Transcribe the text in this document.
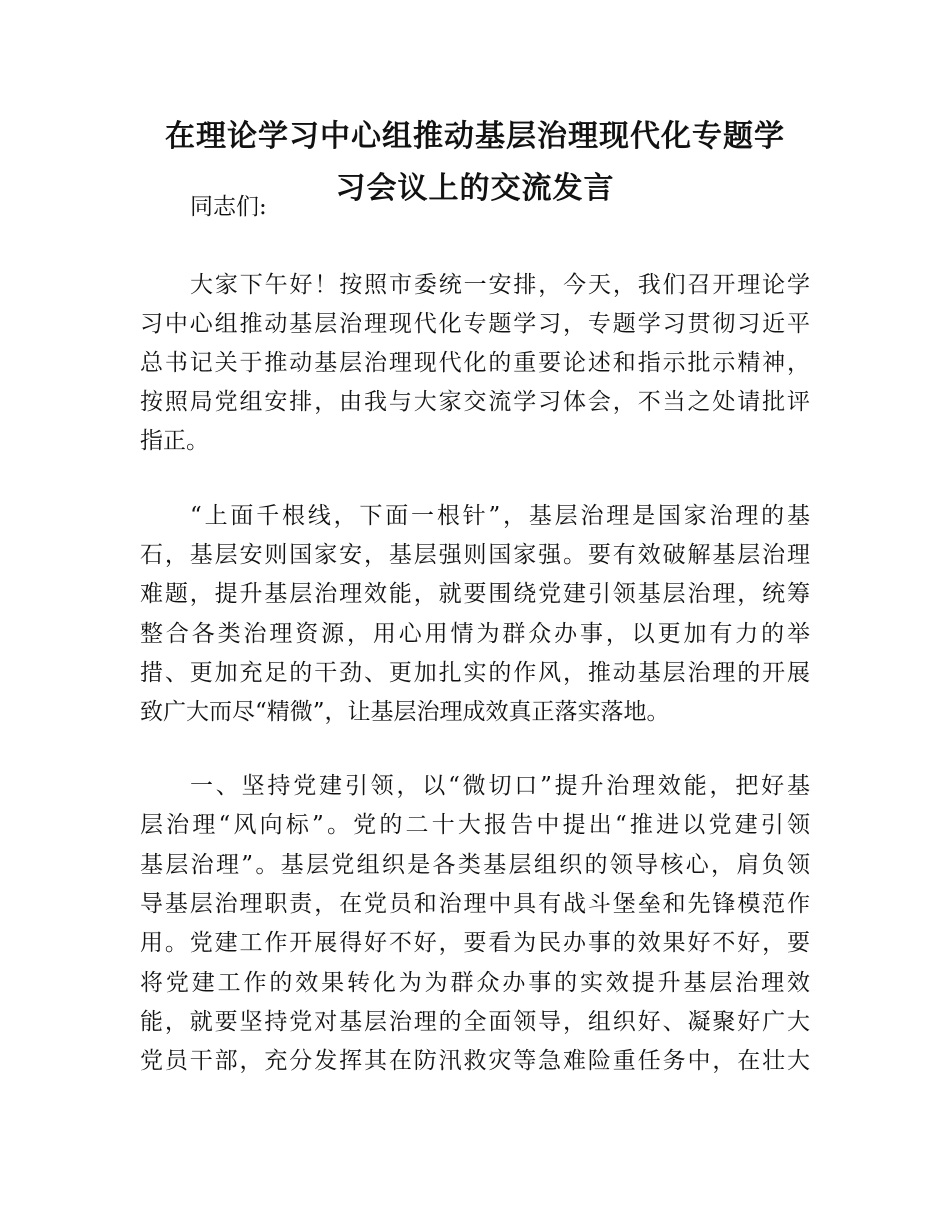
在理论学习中心组推动基层治理现代化专题学
习会议上的交流发言

同志们:

大家下午好！按照市委统一安排，今天，我们召开理论学

习中心组推动基层治理现代化专题学习，专题学习贯彻习近平

总书记关于推动基层治理现代化的重要论述和指示批示精神，

按照局党组安排，由我与大家交流学习体会，不当之处请批评

指正。

“上面千根线，下面一根针”，基层治理是国家治理的基

石，基层安则国家安，基层强则国家强。要有效破解基层治理

难题，提升基层治理效能，就要围绕党建引领基层治理，统筹

整合各类治理资源，用心用情为群众办事，以更加有力的举

措、更加充足的干劲、更加扎实的作风，推动基层治理的开展

致广大而尽“精微”，让基层治理成效真正落实落地。

一、坚持党建引领，以“微切口”提升治理效能，把好基

层治理“风向标”。党的二十大报告中提出“推进以党建引领

基层治理”。基层党组织是各类基层组织的领导核心，肩负领

导基层治理职责，在党员和治理中具有战斗堡垒和先锋模范作

用。党建工作开展得好不好，要看为民办事的效果好不好，要

将党建工作的效果转化为为群众办事的实效提升基层治理效

能，就要坚持党对基层治理的全面领导，组织好、凝聚好广大

党员干部，充分发挥其在防汛救灾等急难险重任务中，在壮大
